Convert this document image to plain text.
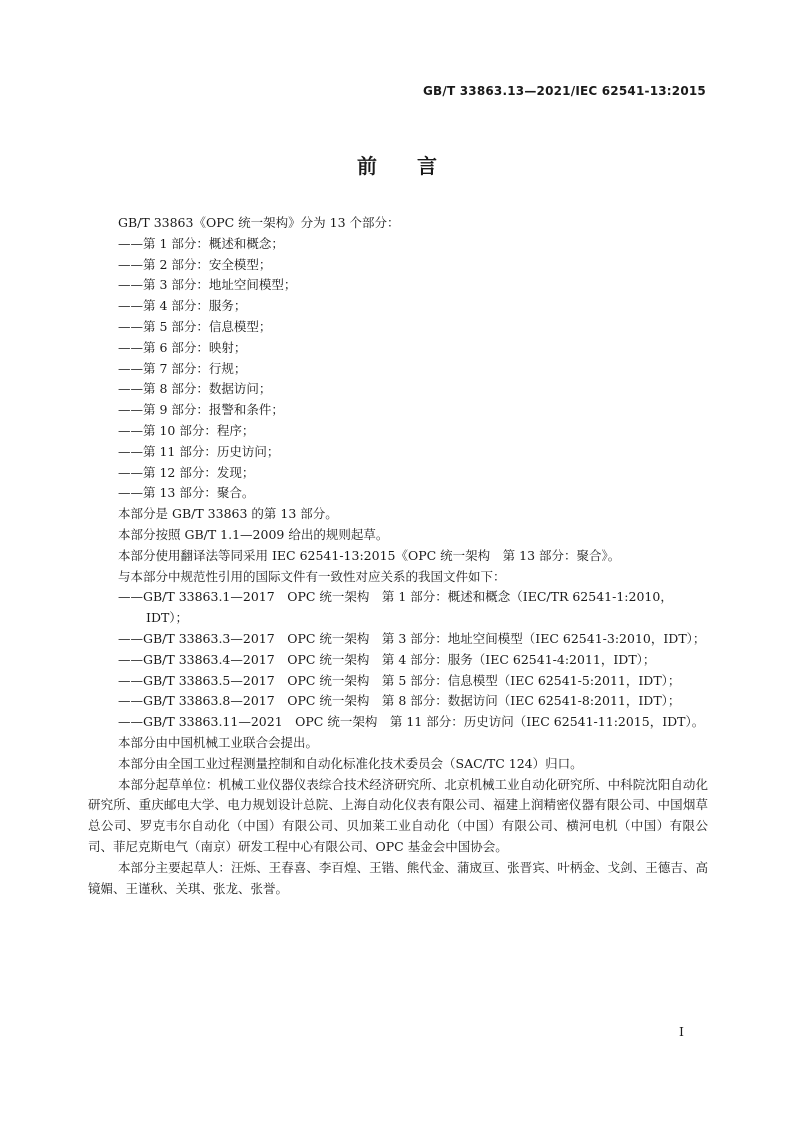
GB/T 33863.13—2021/IEC 62541-13:2015
前言

GB/T 33863《OPC 统一架构》分为 13 个部分：

——第 1 部分：概述和概念；

——第 2 部分：安全模型；

——第 3 部分：地址空间模型；

——第 4 部分：服务；

——第 5 部分：信息模型；

——第 6 部分：映射；

——第 7 部分：行规；

——第 8 部分：数据访问；

——第 9 部分：报警和条件；

——第 10 部分：程序；

——第 11 部分：历史访问；

——第 12 部分：发现；

——第 13 部分：聚合。

本部分是 GB/T 33863 的第 13 部分。

本部分按照 GB/T 1.1—2009 给出的规则起草。

本部分使用翻译法等同采用 IEC 62541-13:2015《OPC 统一架构　第 13 部分：聚合》。

与本部分中规范性引用的国际文件有一致性对应关系的我国文件如下：

——GB/T 33863.1—2017　OPC 统一架构　第 1 部分：概述和概念（IEC/TR 62541-1:2010，

IDT）；

——GB/T 33863.3—2017　OPC 统一架构　第 3 部分：地址空间模型（IEC 62541-3:2010，IDT）；

——GB/T 33863.4—2017　OPC 统一架构　第 4 部分：服务（IEC 62541-4:2011，IDT）；

——GB/T 33863.5—2017　OPC 统一架构　第 5 部分：信息模型（IEC 62541-5:2011，IDT）；

——GB/T 33863.8—2017　OPC 统一架构　第 8 部分：数据访问（IEC 62541-8:2011，IDT）；

——GB/T 33863.11—2021　OPC 统一架构　第 11 部分：历史访问（IEC 62541-11:2015，IDT）。

本部分由中国机械工业联合会提出。

本部分由全国工业过程测量控制和自动化标准化技术委员会（SAC/TC 124）归口。

本部分起草单位：机械工业仪器仪表综合技术经济研究所、北京机械工业自动化研究所、中科院沈阳自动化研究所、重庆邮电大学、电力规划设计总院、上海自动化仪表有限公司、福建上润精密仪器有限公司、中国烟草总公司、罗克韦尔自动化（中国）有限公司、贝加莱工业自动化（中国）有限公司、横河电机（中国）有限公司、菲尼克斯电气（南京）研发工程中心有限公司、OPC 基金会中国协会。

本部分主要起草人：汪烁、王春喜、李百煌、王锴、熊代金、蒲宬亘、张晋宾、叶柄金、戈剑、王德吉、高镜媚、王谨秋、关琪、张龙、张誉。

I
